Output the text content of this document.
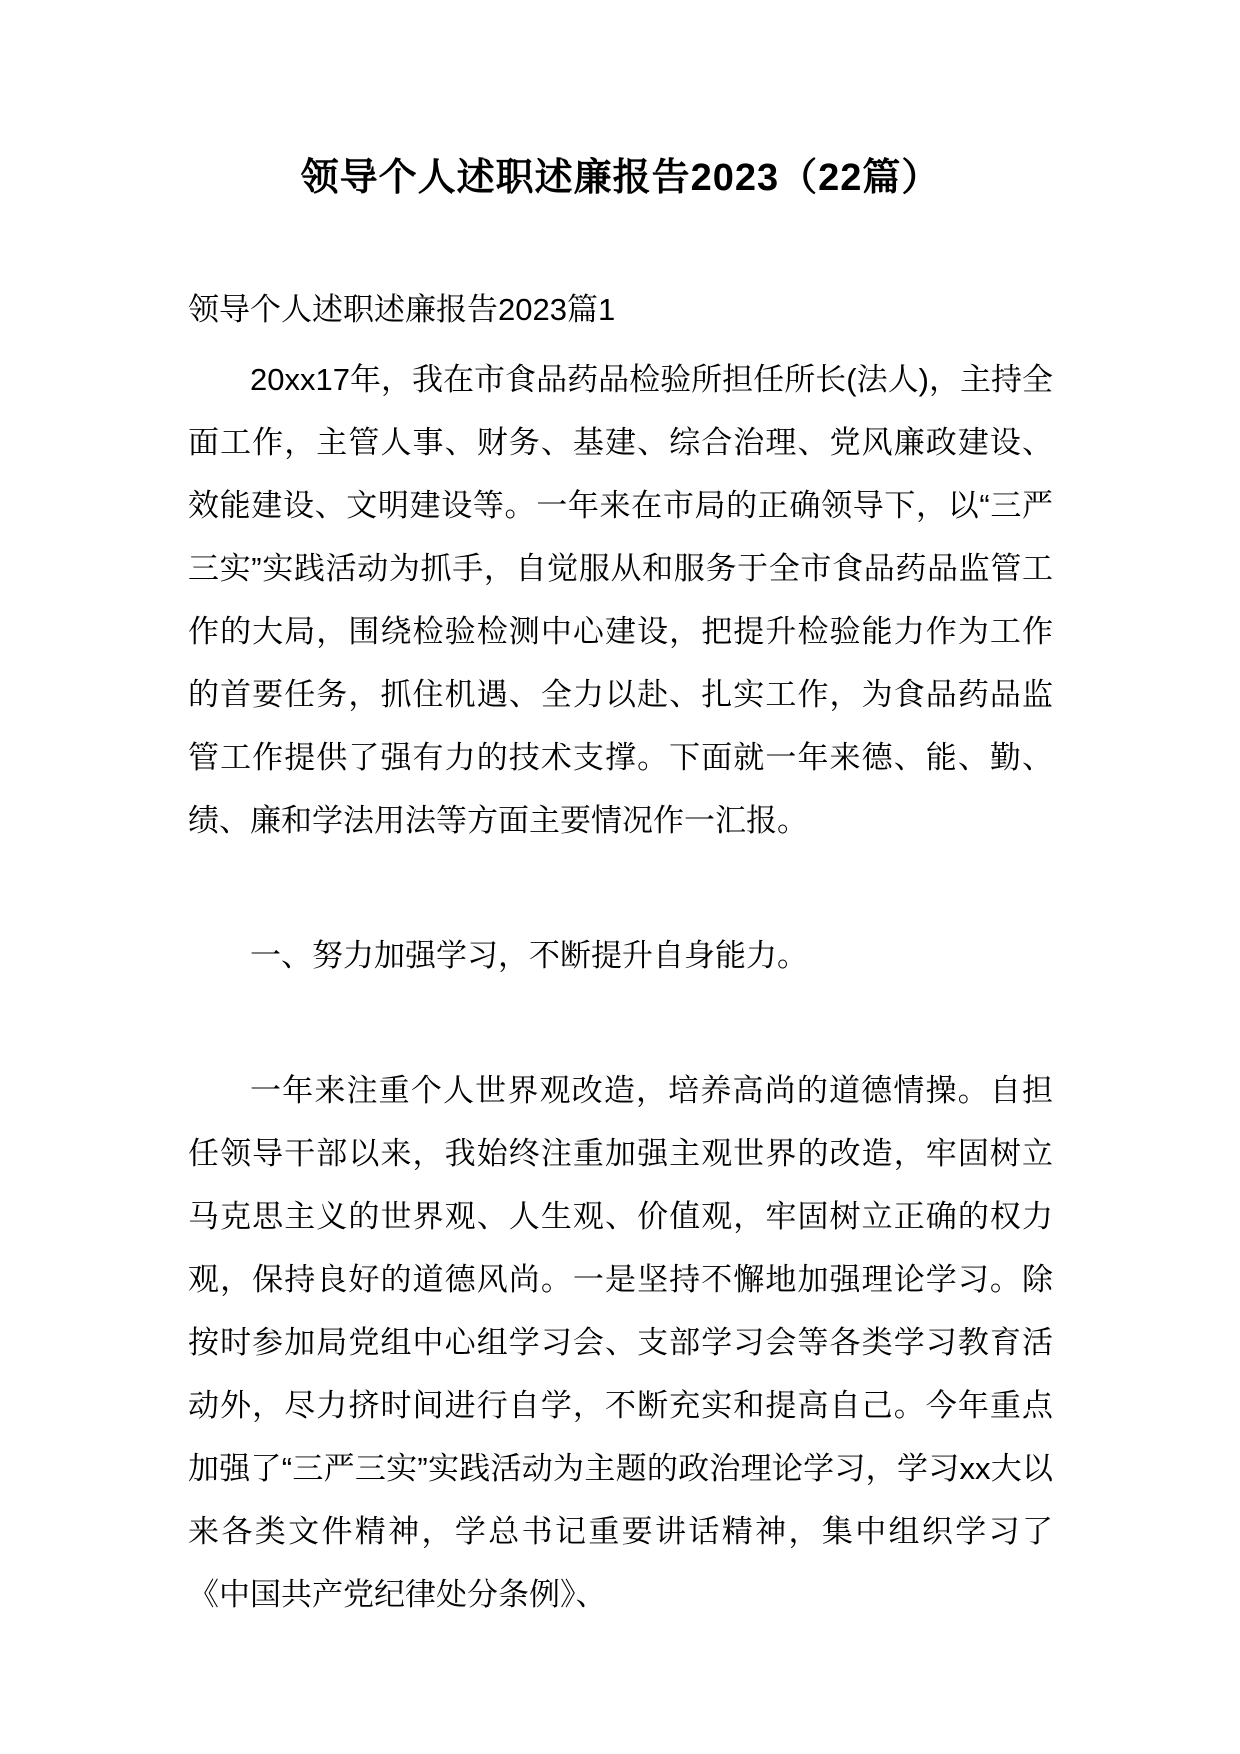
领导个人述职述廉报告2023（22篇）

领导个人述职述廉报告2023篇1

20xx17年，我在市食品药品检验所担任所长(法人)，主持全面工作，主管人事、财务、基建、综合治理、党风廉政建设、效能建设、文明建设等。一年来在市局的正确领导下，以“三严三实”实践活动为抓手，自觉服从和服务于全市食品药品监管工作的大局，围绕检验检测中心建设，把提升检验能力作为工作的首要任务，抓住机遇、全力以赴、扎实工作，为食品药品监管工作提供了强有力的技术支撑。下面就一年来德、能、勤、绩、廉和学法用法等方面主要情况作一汇报。

一、努力加强学习，不断提升自身能力。

一年来注重个人世界观改造，培养高尚的道德情操。自担任领导干部以来，我始终注重加强主观世界的改造，牢固树立马克思主义的世界观、人生观、价值观，牢固树立正确的权力观，保持良好的道德风尚。一是坚持不懈地加强理论学习。除按时参加局党组中心组学习会、支部学习会等各类学习教育活动外，尽力挤时间进行自学，不断充实和提高自己。今年重点加强了“三严三实”实践活动为主题的政治理论学习，学习xx大以来各类文件精神，学总书记重要讲话精神，集中组织学习了《中国共产党纪律处分条例》、
